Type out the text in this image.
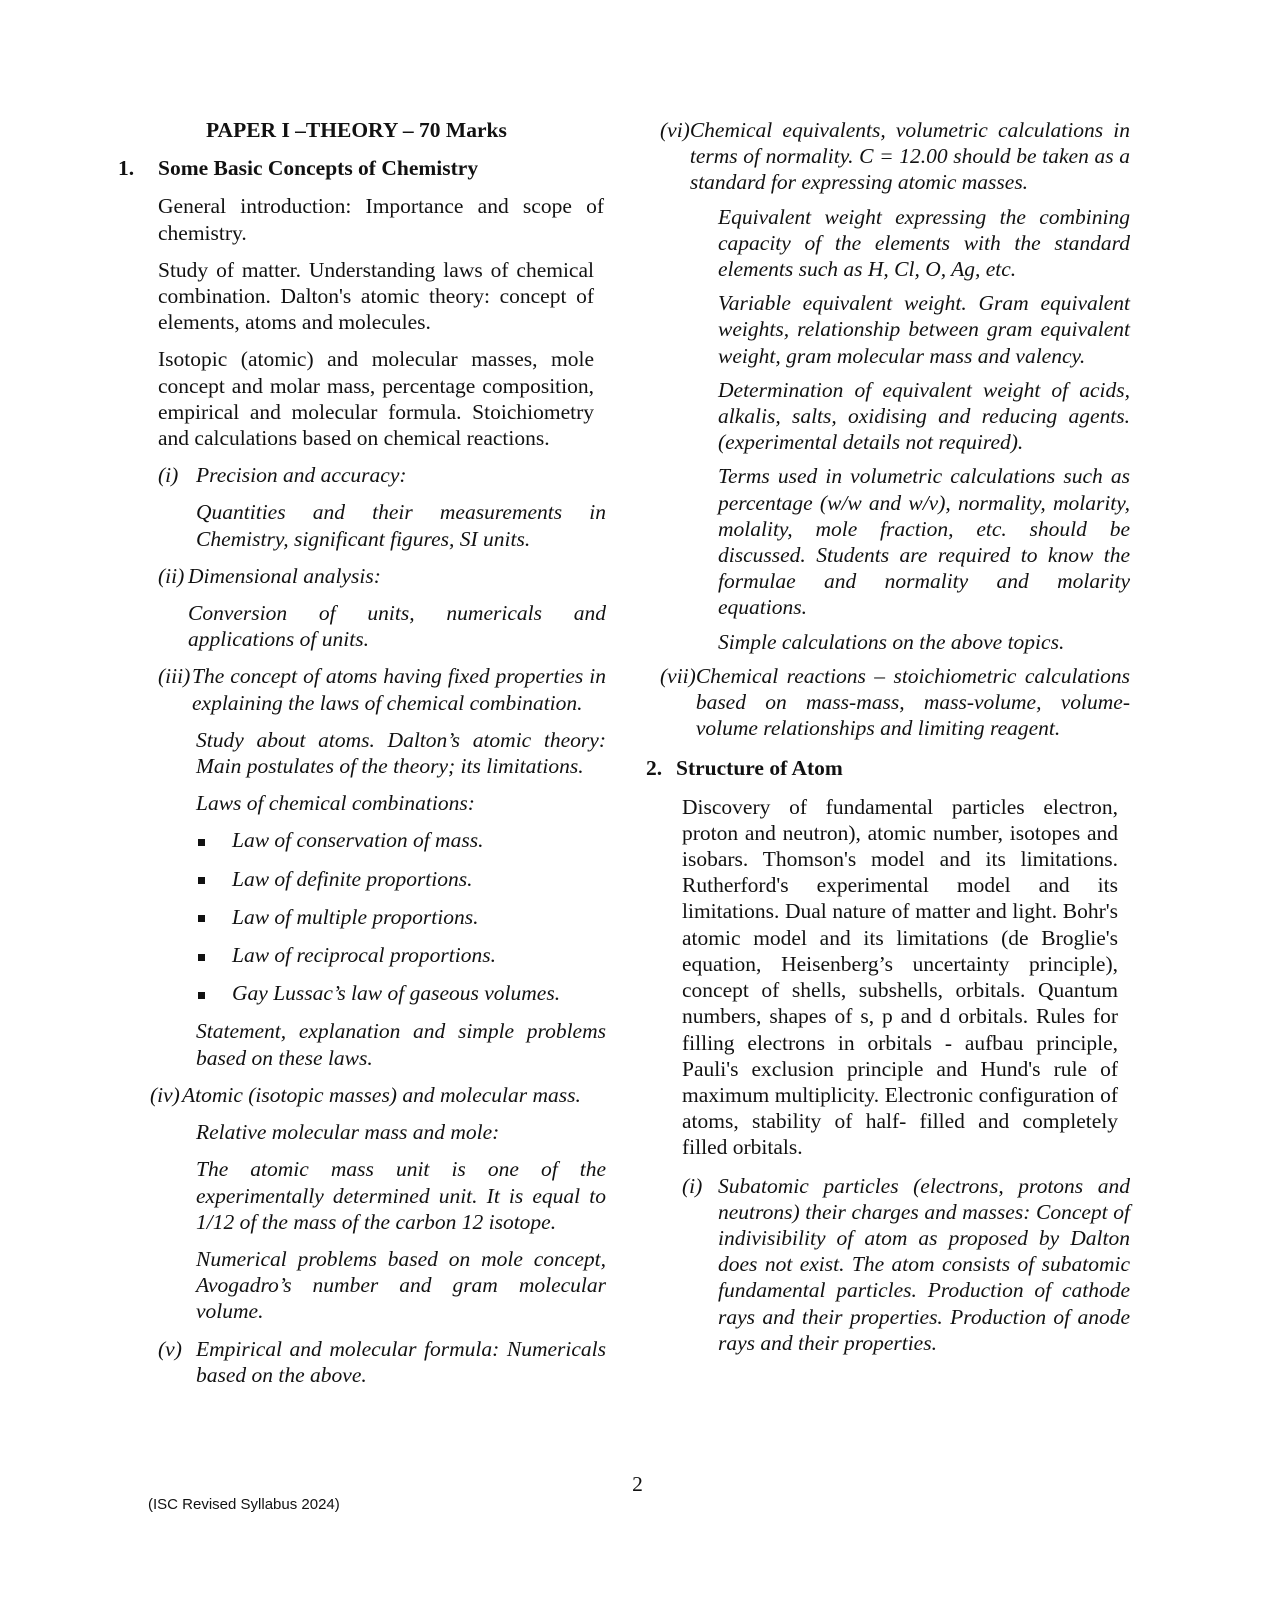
PAPER I –THEORY – 70 Marks

1.	Some Basic Concepts of Chemistry

General introduction: Importance and scope of chemistry.

Study of matter. Understanding laws of chemical combination. Dalton's atomic theory: concept of elements, atoms and molecules.

Isotopic (atomic) and molecular masses, mole concept and molar mass, percentage composition, empirical and molecular formula. Stoichiometry and calculations based on chemical reactions.

(i) Precision and accuracy:

Quantities and their measurements in Chemistry, significant figures, SI units.

(ii) Dimensional analysis:

Conversion of units, numericals and applications of units.

(iii) The concept of atoms having fixed properties in explaining the laws of chemical combination.

Study about atoms. Dalton’s atomic theory: Main postulates of the theory; its limitations.

Laws of chemical combinations:

Law of conservation of mass.
Law of definite proportions.
Law of multiple proportions.
Law of reciprocal proportions.
Gay Lussac’s law of gaseous volumes.

Statement, explanation and simple problems based on these laws.

(iv) Atomic (isotopic masses) and molecular mass.

Relative molecular mass and mole:

The atomic mass unit is one of the experimentally determined unit. It is equal to 1/12 of the mass of the carbon 12 isotope.

Numerical problems based on mole concept, Avogadro’s number and gram molecular volume.

(v) Empirical and molecular formula: Numericals based on the above.
(vi) Chemical equivalents, volumetric calculations in terms of normality. C = 12.00 should be taken as a standard for expressing atomic masses.

Equivalent weight expressing the combining capacity of the elements with the standard elements such as H, Cl, O, Ag, etc.

Variable equivalent weight. Gram equivalent weights, relationship between gram equivalent weight, gram molecular mass and valency.

Determination of equivalent weight of acids, alkalis, salts, oxidising and reducing agents. (experimental details not required).

Terms used in volumetric calculations such as percentage (w/w and w/v), normality, molarity, molality, mole fraction, etc. should be discussed. Students are required to know the formulae and normality and molarity equations.

Simple calculations on the above topics.

(vii) Chemical reactions – stoichiometric calculations based on mass-mass, mass-volume, volume-volume relationships and limiting reagent.
2. Structure of Atom

Discovery of fundamental particles electron, proton and neutron), atomic number, isotopes and isobars. Thomson's model and its limitations. Rutherford's experimental model and its limitations. Dual nature of matter and light. Bohr's atomic model and its limitations (de Broglie's equation, Heisenberg’s uncertainty principle), concept of shells, subshells, orbitals. Quantum numbers, shapes of s, p and d orbitals. Rules for filling electrons in orbitals - aufbau principle, Pauli's exclusion principle and Hund's rule of maximum multiplicity. Electronic configuration of atoms, stability of half- filled and completely filled orbitals.

(i) Subatomic particles (electrons, protons and neutrons) their charges and masses: Concept of indivisibility of atom as proposed by Dalton does not exist. The atom consists of subatomic fundamental particles. Production of cathode rays and their properties. Production of anode rays and their properties.
2
(ISC Revised Syllabus 2024)
